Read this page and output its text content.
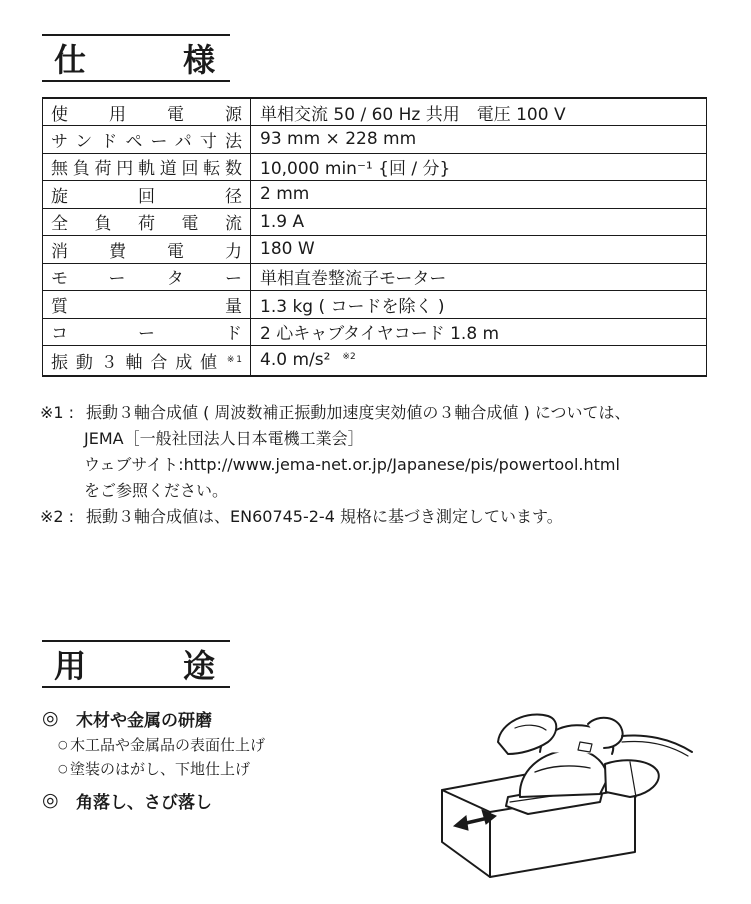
仕	様
使用電源	単相交流 50 / 60 Hz 共用　電圧 100 V
サンドペーパ寸法	93 mm × 228 mm
無負荷円軌道回転数	10,000 min⁻¹ {回 / 分}
旋回径	2 mm
全負荷電流	1.9 A
消費電力	180 W
モーター	単相直巻整流子モーター
質量	1.3 kg ( コードを除く )
コード	2 心キャブタイヤコード 1.8 m
振動３軸合成値 $^{※1}$	4.0 m/s² $^{※2}$
※1 : 振動３軸合成値 ( 周波数補正振動加速度実効値の３軸合成値 ) については、
JEMA［一般社団法人日本電機工業会］
ウェブサイト:http://www.jema-net.or.jp/Japanese/pis/powertool.html
をご参照ください。
※2 : 振動３軸合成値は、EN60745-2-4 規格に基づき測定しています。
用	途
◎	木材や金属の研磨
○ 木工品や金属品の表面仕上げ
○ 塗装のはがし、下地仕上げ
◎	角落し、さび落し
